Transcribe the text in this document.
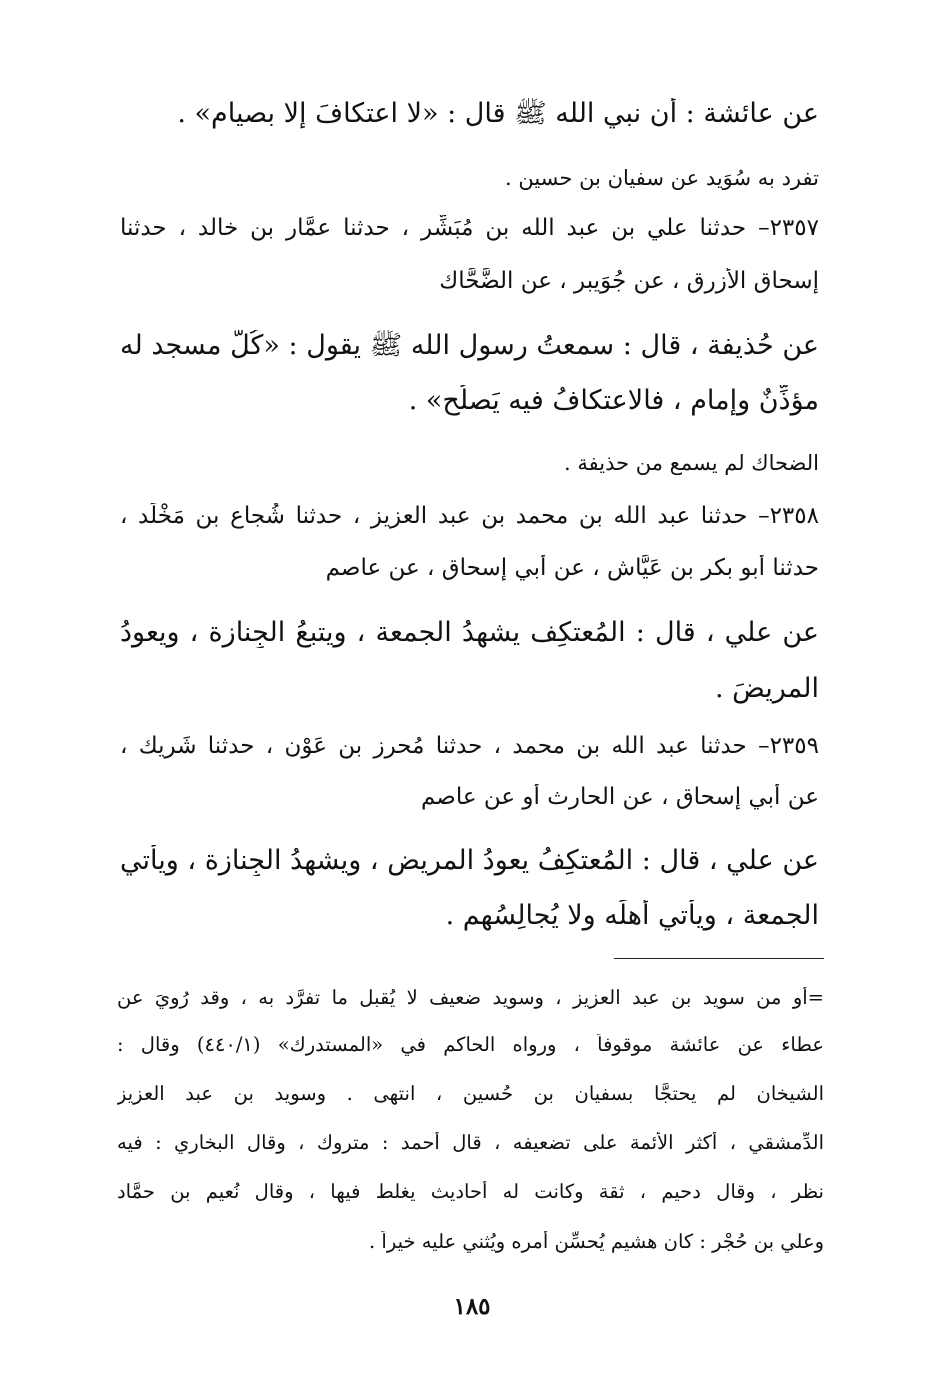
عن عائشة : أن نبي الله ﷺ قال : «لا اعتكافَ إلا بصيام» .
تفرد به سُوَيد عن سفيان بن حسين .
٢٣٥٧– حدثنا علي بن عبد الله بن مُبَشِّر ، حدثنا عمَّار بن خالد ، حدثنا
إسحاق الأزرق ، عن جُوَيبر ، عن الضَّحَّاك
عن حُذيفة ، قال : سمعتُ رسول الله ﷺ يقول : «كُلُّ مسجد له
مؤذِّنٌ وإمام ، فالاعتكافُ فيه يَصلُح» .
الضحاك لم يسمع من حذيفة .
٢٣٥٨– حدثنا عبد الله بن محمد بن عبد العزيز ، حدثنا شُجاع بن مَخْلَد ،
حدثنا أبو بكر بن عَيَّاش ، عن أبي إسحاق ، عن عاصم
عن علي ، قال : المُعتكِف يشهدُ الجمعة ، ويتبعُ الجِنازة ، ويعودُ
المريضَ .
٢٣٥٩– حدثنا عبد الله بن محمد ، حدثنا مُحرِز بن عَوْن ، حدثنا شَرِيك ،
عن أبي إسحاق ، عن الحارث أو عن عاصم
عن علي ، قال : المُعتكِفُ يعودُ المريض ، ويشهدُ الجِنازة ، ويأتي
الجمعة ، ويأتي أهلَه ولا يُجالِسُهم .
=أو من سويد بن عبد العزيز ، وسويد ضعيف لا يُقبل ما تفرَّد به ، وقد رُوِيَ عن
عطاء عن عائشة موقوفاً ، ورواه الحاكم في «المستدرك» (٤٤٠/١) وقال :
الشيخان لم يحتجَّا بسفيان بن حُسين ، انتهى . وسويد بن عبد العزيز
الدِّمشقي ، أكثر الأئمة على تضعيفه ، قال أحمد : متروك ، وقال البخاري : فيه
نظر ، وقال دحيم ، ثقة وكانت له أحاديث يغلط فيها ، وقال نُعيم بن حمَّاد
وعلي بن حُجْر : كان هشيم يُحسِّن أمره ويُثني عليه خيراً .
١٨٥
